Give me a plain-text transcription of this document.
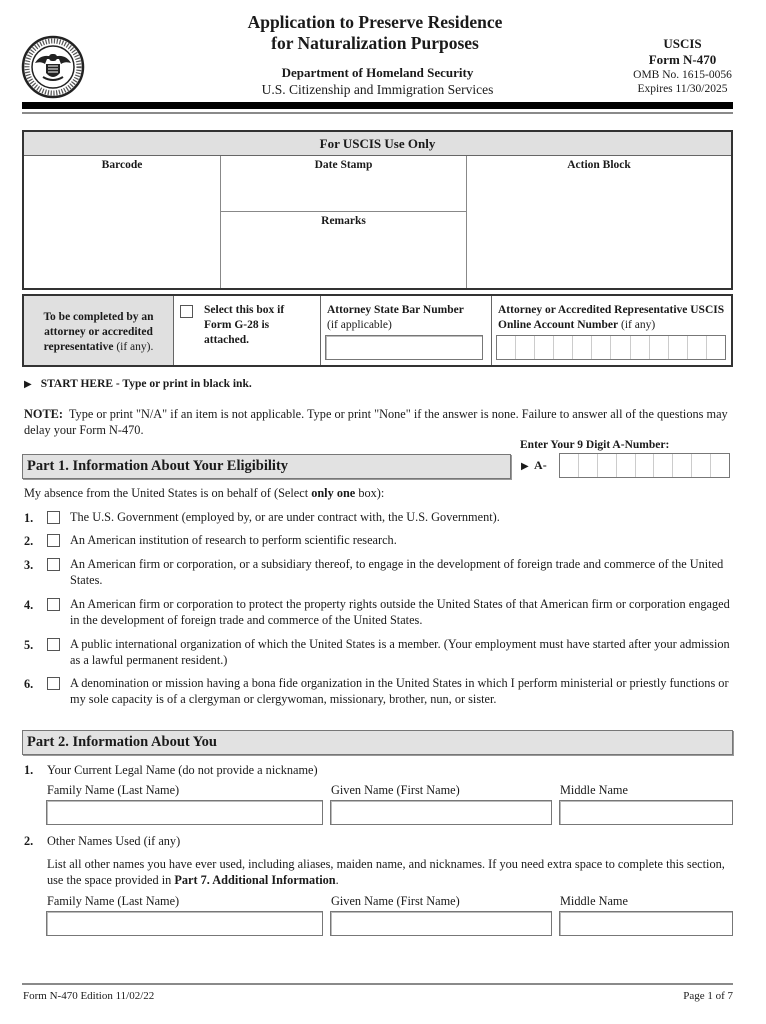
Application to Preserve Residence
for Naturalization Purposes
Department of Homeland Security
U.S. Citizenship and Immigration Services
USCIS
Form N-470
OMB No. 1615-0056
Expires 11/30/2025
For USCIS Use Only
Barcode	Date Stamp
Remarks
Action Block
To be completed by an attorney or accredited representative (if any).
Select this box if Form G-28 is attached.
Attorney State Bar Number
(if applicable)
Attorney or Accredited Representative USCIS Online Account Number (if any)
▶ START HERE - Type or print in black ink.
NOTE: Type or print "N/A" if an item is not applicable. Type or print "None" if the answer is none. Failure to answer all of the questions may delay your Form N-470.
Enter Your 9 Digit A-Number:
▶ A-
Part 1. Information About Your Eligibility
My absence from the United States is on behalf of (Select only one box):
1.	The U.S. Government (employed by, or are under contract with, the U.S. Government).
2.	An American institution of research to perform scientific research.
3.	An American firm or corporation, or a subsidiary thereof, to engage in the development of foreign trade and commerce of the United States.
4.	An American firm or corporation to protect the property rights outside the United States of that American firm or corporation engaged in the development of foreign trade and commerce of the United States.
5.	A public international organization of which the United States is a member. (Your employment must have started after your admission as a lawful permanent resident.)
6.	A denomination or mission having a bona fide organization in the United States in which I perform ministerial or priestly functions or my sole capacity is of a clergyman or clergywoman, missionary, brother, nun, or sister.
Part 2. Information About You
1. Your Current Legal Name (do not provide a nickname)
Family Name (Last Name)	Given Name (First Name)	Middle Name
2. Other Names Used (if any)
List all other names you have ever used, including aliases, maiden name, and nicknames. If you need extra space to complete this section, use the space provided in Part 7. Additional Information.
Family Name (Last Name)	Given Name (First Name)	Middle Name
Form N-470 Edition 11/02/22	Page 1 of 7
